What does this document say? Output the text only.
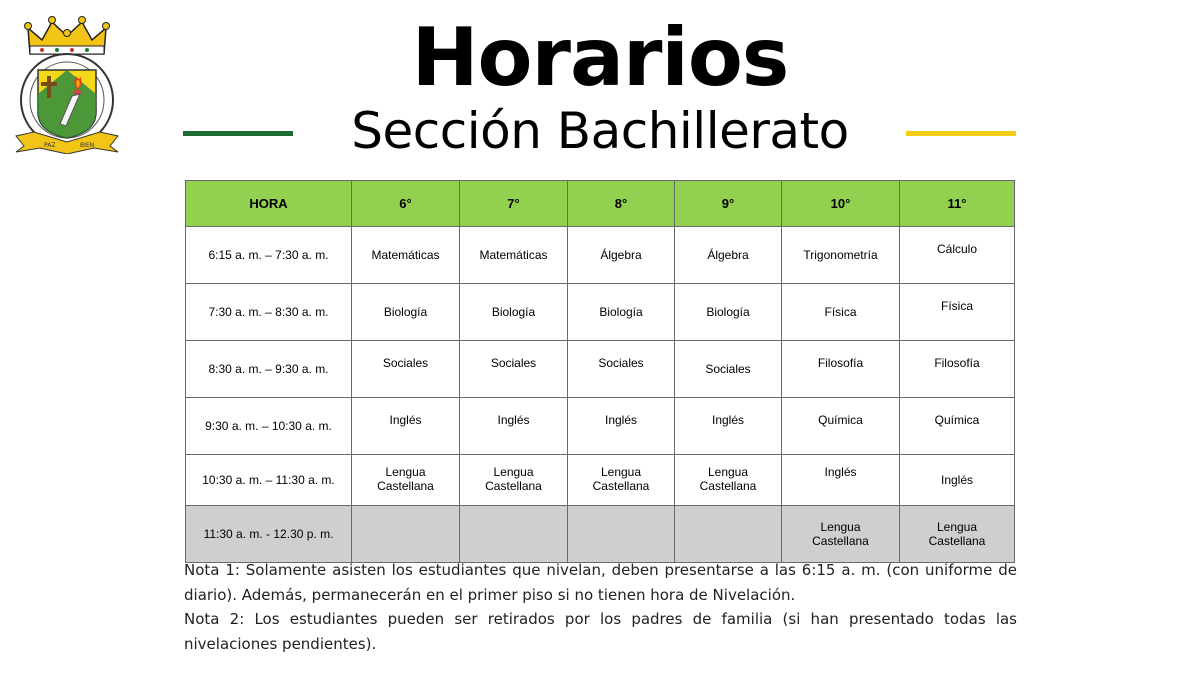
PAZ	BIEN
Horarios
Sección Bachillerato
HORA	6°	7°	8°	9°	10°	11°
6:15 a. m. – 7:30 a. m.	Matemáticas	Matemáticas	Álgebra	Álgebra	Trigonometría	Cálculo
7:30 a. m. – 8:30 a. m.	Biología	Biología	Biología	Biología	Física	Física
8:30 a. m. – 9:30 a. m.	Sociales	Sociales	Sociales	Sociales	Filosofía	Filosofía
9:30 a. m. – 10:30 a. m.	Inglés	Inglés	Inglés	Inglés	Química	Química
10:30 a. m. – 11:30 a. m.	Lengua Castellana	Lengua Castellana	Lengua Castellana	Lengua Castellana	Inglés	Inglés
11:30 a. m. - 12.30 p. m.					Lengua Castellana	Lengua Castellana

Nota 1: Solamente asisten los estudiantes que nivelan, deben presentarse a las 6:15 a. m. (con uniforme de diario). Además, permanecerán en el primer piso si no tienen hora de Nivelación.

Nota 2: Los estudiantes pueden ser retirados por los padres de familia (si han presentado todas las nivelaciones pendientes).
